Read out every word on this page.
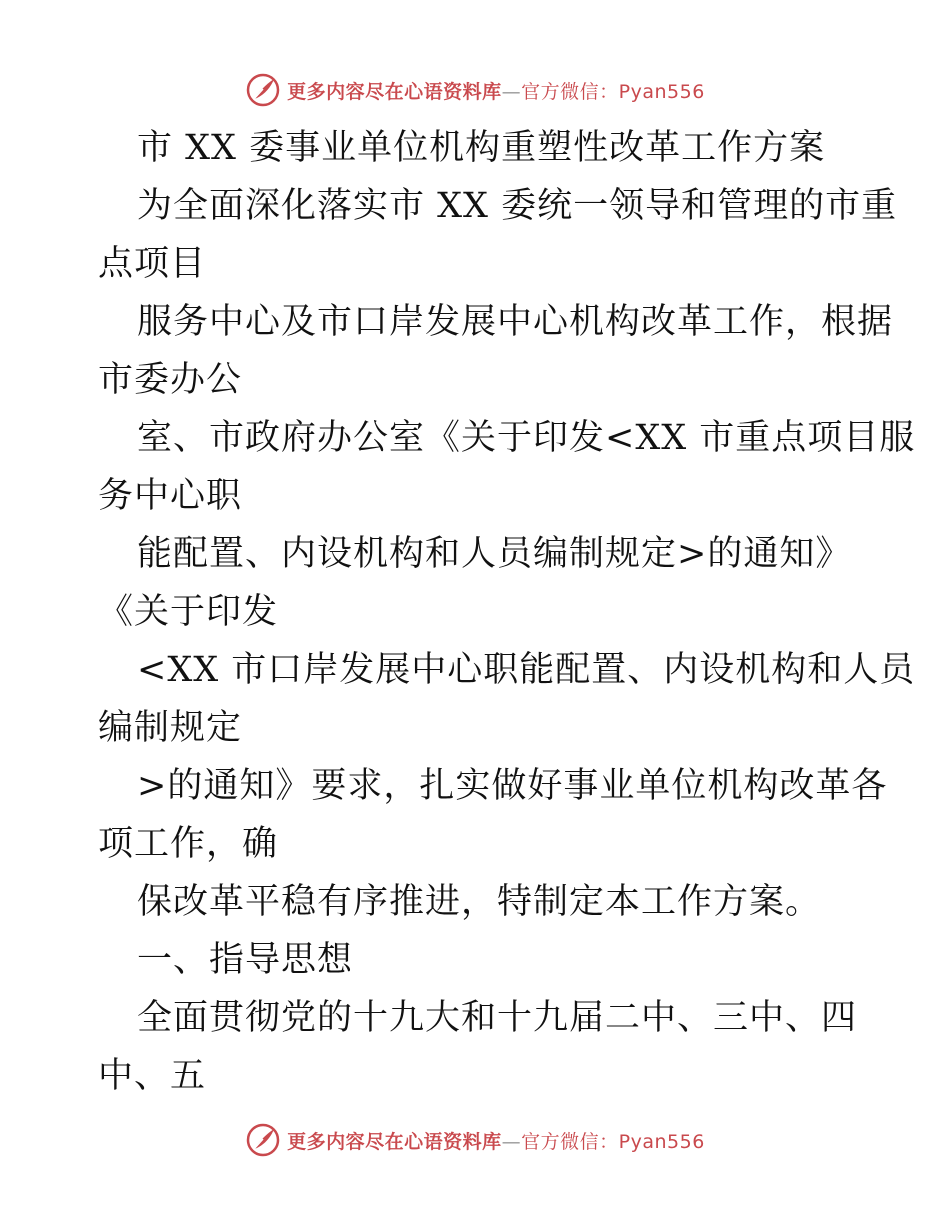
更多内容尽在心语资料库—官方微信：Pyan556
市 XX 委事业单位机构重塑性改革工作方案
为全面深化落实市 XX 委统一领导和管理的市重
点项目
服务中心及市口岸发展中心机构改革工作，根据
市委办公
室、市政府办公室《关于印发<XX 市重点项目服
务中心职
能配置、内设机构和人员编制规定>的通知》
《关于印发
<XX 市口岸发展中心职能配置、内设机构和人员
编制规定
>的通知》要求，扎实做好事业单位机构改革各
项工作，确
保改革平稳有序推进，特制定本工作方案。
一、指导思想
全面贯彻党的十九大和十九届二中、三中、四
中、五
更多内容尽在心语资料库—官方微信：Pyan556
